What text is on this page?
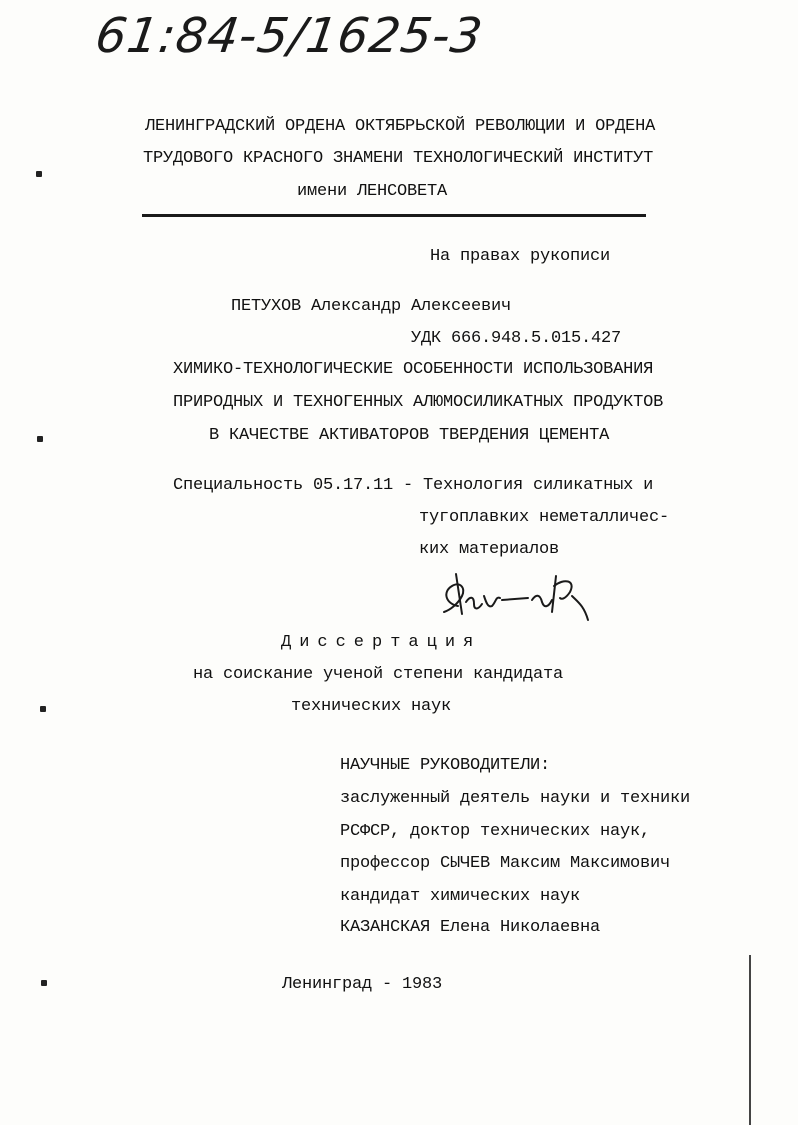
61:84-5/1625-3
ЛЕНИНГРАДСКИЙ ОРДЕНА ОКТЯБРЬСКОЙ РЕВОЛЮЦИИ И ОРДЕНА
ТРУДОВОГО КРАСНОГО ЗНАМЕНИ ТЕХНОЛОГИЧЕСКИЙ ИНСТИТУТ
имени ЛЕНСОВЕТА
На правах рукописи
ПЕТУХОВ Александр Алексеевич
УДК 666.948.5.015.427
ХИМИКО-ТЕХНОЛОГИЧЕСКИЕ ОСОБЕННОСТИ ИСПОЛЬЗОВАНИЯ
ПРИРОДНЫХ И ТЕХНОГЕННЫХ АЛЮМОСИЛИКАТНЫХ ПРОДУКТОВ
В КАЧЕСТВЕ АКТИВАТОРОВ ТВЕРДЕНИЯ ЦЕМЕНТА
Специальность 05.17.11 - Технология силикатных и
тугоплавких неметалличес-
ких материалов
Диссертация
на соискание ученой степени кандидата
технических наук
НАУЧНЫЕ РУКОВОДИТЕЛИ:
заслуженный деятель науки и техники
РСФСР, доктор технических наук,
профессор СЫЧЕВ Максим Максимович
кандидат химических наук
КАЗАНСКАЯ Елена Николаевна
Ленинград - 1983
